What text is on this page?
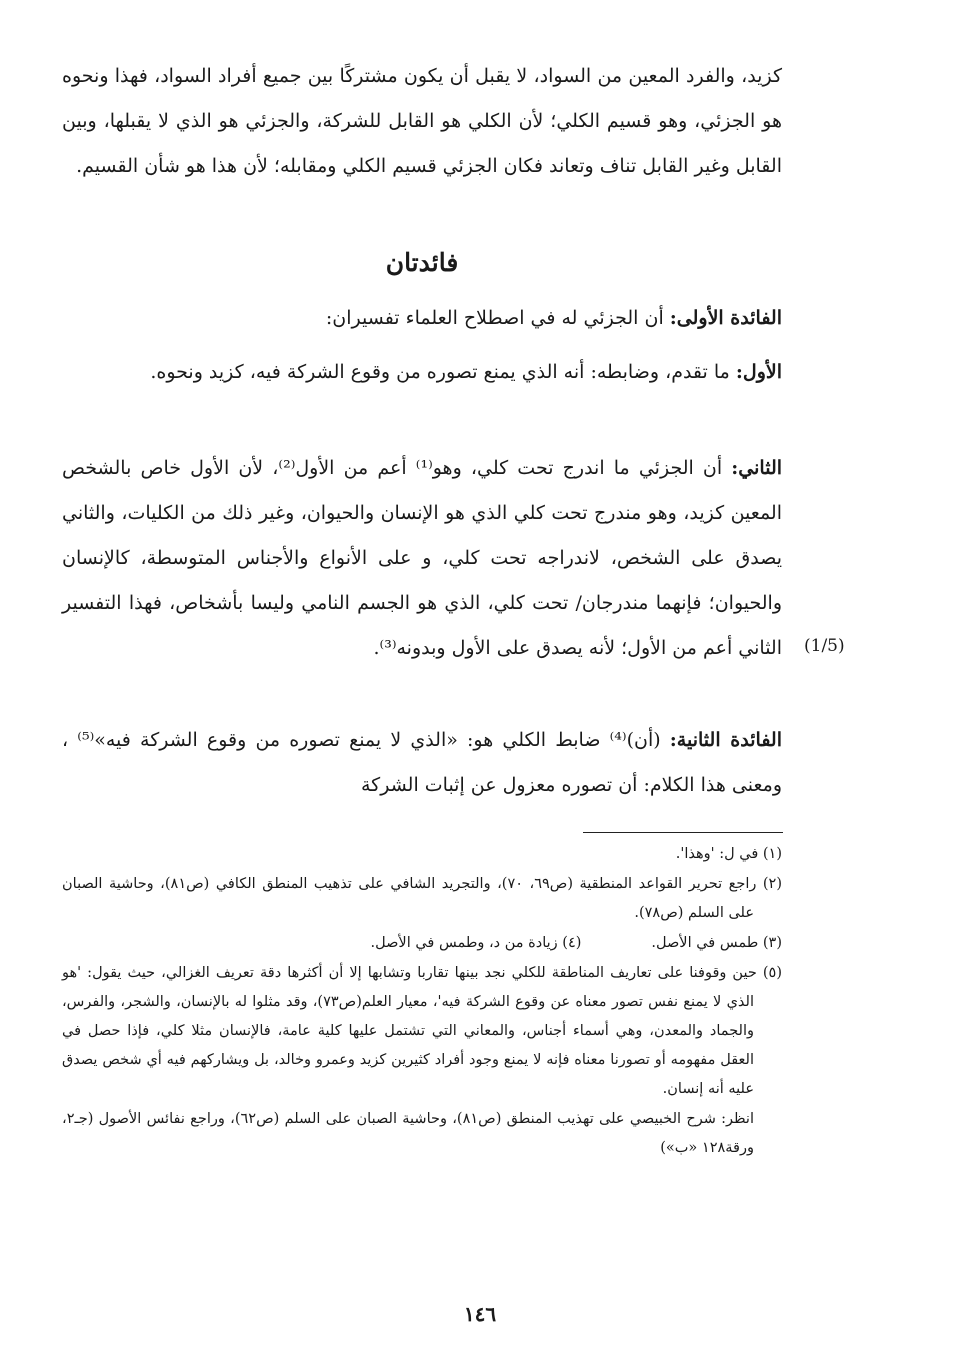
كزيد، والفرد المعين من السواد، لا يقبل أن يكون مشتركًا بين جميع أفراد السواد، فهذا ونحوه هو الجزئي، وهو قسيم الكلي؛ لأن الكلي هو القابل للشركة، والجزئي هو الذي لا يقبلها، وبين القابل وغير القابل تناف وتعاند فكان الجزئي قسيم الكلي ومقابله؛ لأن هذا هو شأن القسيم.
فائدتان
الفائدة الأولى: أن الجزئي له في اصطلاح العلماء تفسيران:
الأول: ما تقدم، وضابطه: أنه الذي يمنع تصوره من وقوع الشركة فيه، كزيد ونحوه.
الثاني: أن الجزئي ما اندرج تحت كلي، وهو⁽¹⁾ أعم من الأول⁽²⁾، لأن الأول خاص بالشخص المعين كزيد، وهو مندرج تحت كلي الذي هو الإنسان والحيوان، وغير ذلك من الكليات، والثاني يصدق على الشخص، لاندراجه تحت كلي، و على الأنواع والأجناس المتوسطة، كالإنسان والحيوان؛ فإنهما مندرجان/ تحت كلي، الذي هو الجسم النامي وليسا بأشخاص، فهذا التفسير الثاني أعم من الأول؛ لأنه يصدق على الأول وبدونه⁽³⁾.	(1/5)
الفائدة الثانية: (أن)⁽⁴⁾ ضابط الكلي هو: «الذي لا يمنع تصوره من وقوع الشركة فيه»⁽⁵⁾ ، ومعنى هذا الكلام: أن تصوره معزول عن إثبات الشركة
(١) في ل: 'وهذا'.
(٢) راجع تحرير القواعد المنطقية (ص٦٩، ٧٠)، والتجريد الشافي على تذهيب المنطق الكافي (ص٨١)، وحاشية الصبان على السلم (ص٧٨).
(٣) طمس في الأصل.
(٤) زيادة من د، وطمس في الأصل.
(٥) حين وقوفنا على تعاريف المناطقة للكلي نجد بينها تقاربا وتشابها إلا أن أكثرها دقة تعريف الغزالي، حيث يقول: 'هو الذي لا يمنع نفس تصور معناه عن وقوع الشركة فيه'، معيار العلم(ص٧٣)، وقد مثلوا له بالإنسان، والشجر، والفرس، والجماد والمعدن، وهي أسماء أجناس، والمعاني التي تشتمل عليها كلية عامة، فالإنسان مثلا كلي، فإذا حصل في العقل مفهومه أو تصورنا معناه فإنه لا يمنع وجود أفراد كثيرين كزيد وعمرو وخالد، بل ويشاركهم فيه أي شخص يصدق عليه أنه إنسان.
انظر: شرح الخبيصي على تهذيب المنطق (ص٨١)، وحاشية الصبان على السلم (ص٦٢)، وراجع نفائس الأصول (جـ٢، ورقة١٢٨ «ب»)
١٤٦
